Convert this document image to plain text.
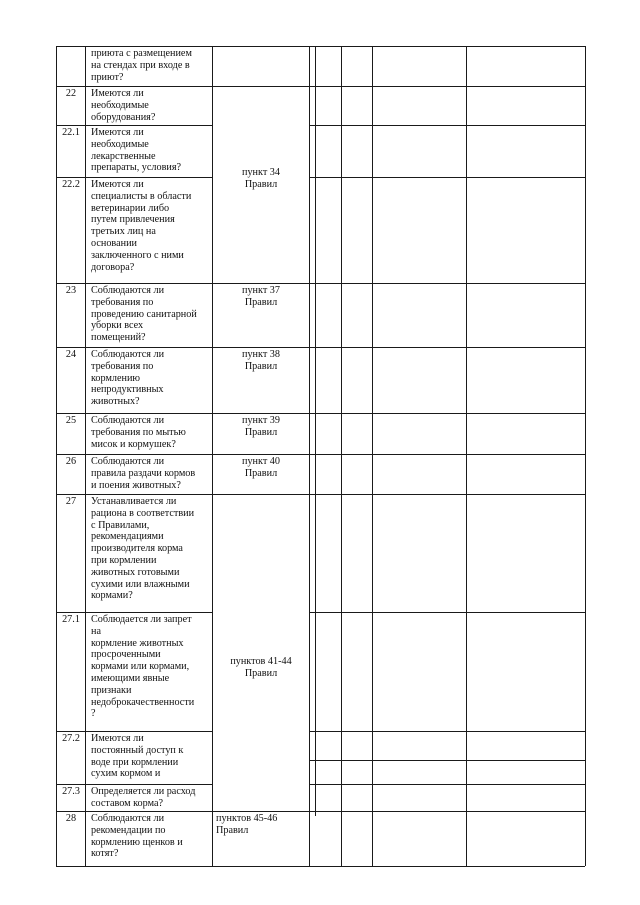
22
22.1
22.2
23
24
25
26
27
27.1
27.2
27.3
28
приюта с размещением
на стендах при входе в
приют?
Имеются ли
необходимые
оборудования?
Имеются ли
необходимые
лекарственные
препараты, условия?
Имеются ли
специалисты в области
ветеринарии либо
путем привлечения
третьих лиц на
основании
заключенного с ними
договора?
Соблюдаются ли
требования по
проведению санитарной
уборки всех
помещений?
Соблюдаются ли
требования по
кормлению
непродуктивных
животных?
Соблюдаются ли
требования по мытью
мисок и кормушек?
Соблюдаются ли
правила раздачи кормов
и поения животных?
Устанавливается ли
рациона в соответствии
с Правилами,
рекомендациями
производителя корма
при кормлении
животных готовыми
сухими или влажными
кормами?
Соблюдается ли запрет
на
кормление животных
просроченными
кормами или кормами,
имеющими явные
признаки
недоброкачественности
?
Имеются ли
постоянный доступ к
воде при кормлении
сухим кормом и
Определяется ли расход
составом корма?
Соблюдаются ли
рекомендации по
кормлению щенков и
котят?
пункт 34
Правил
пункт 37
Правил
пункт 38
Правил
пункт 39
Правил
пункт 40
Правил
пунктов 41-44
Правил
пунктов 45-46
Правил
